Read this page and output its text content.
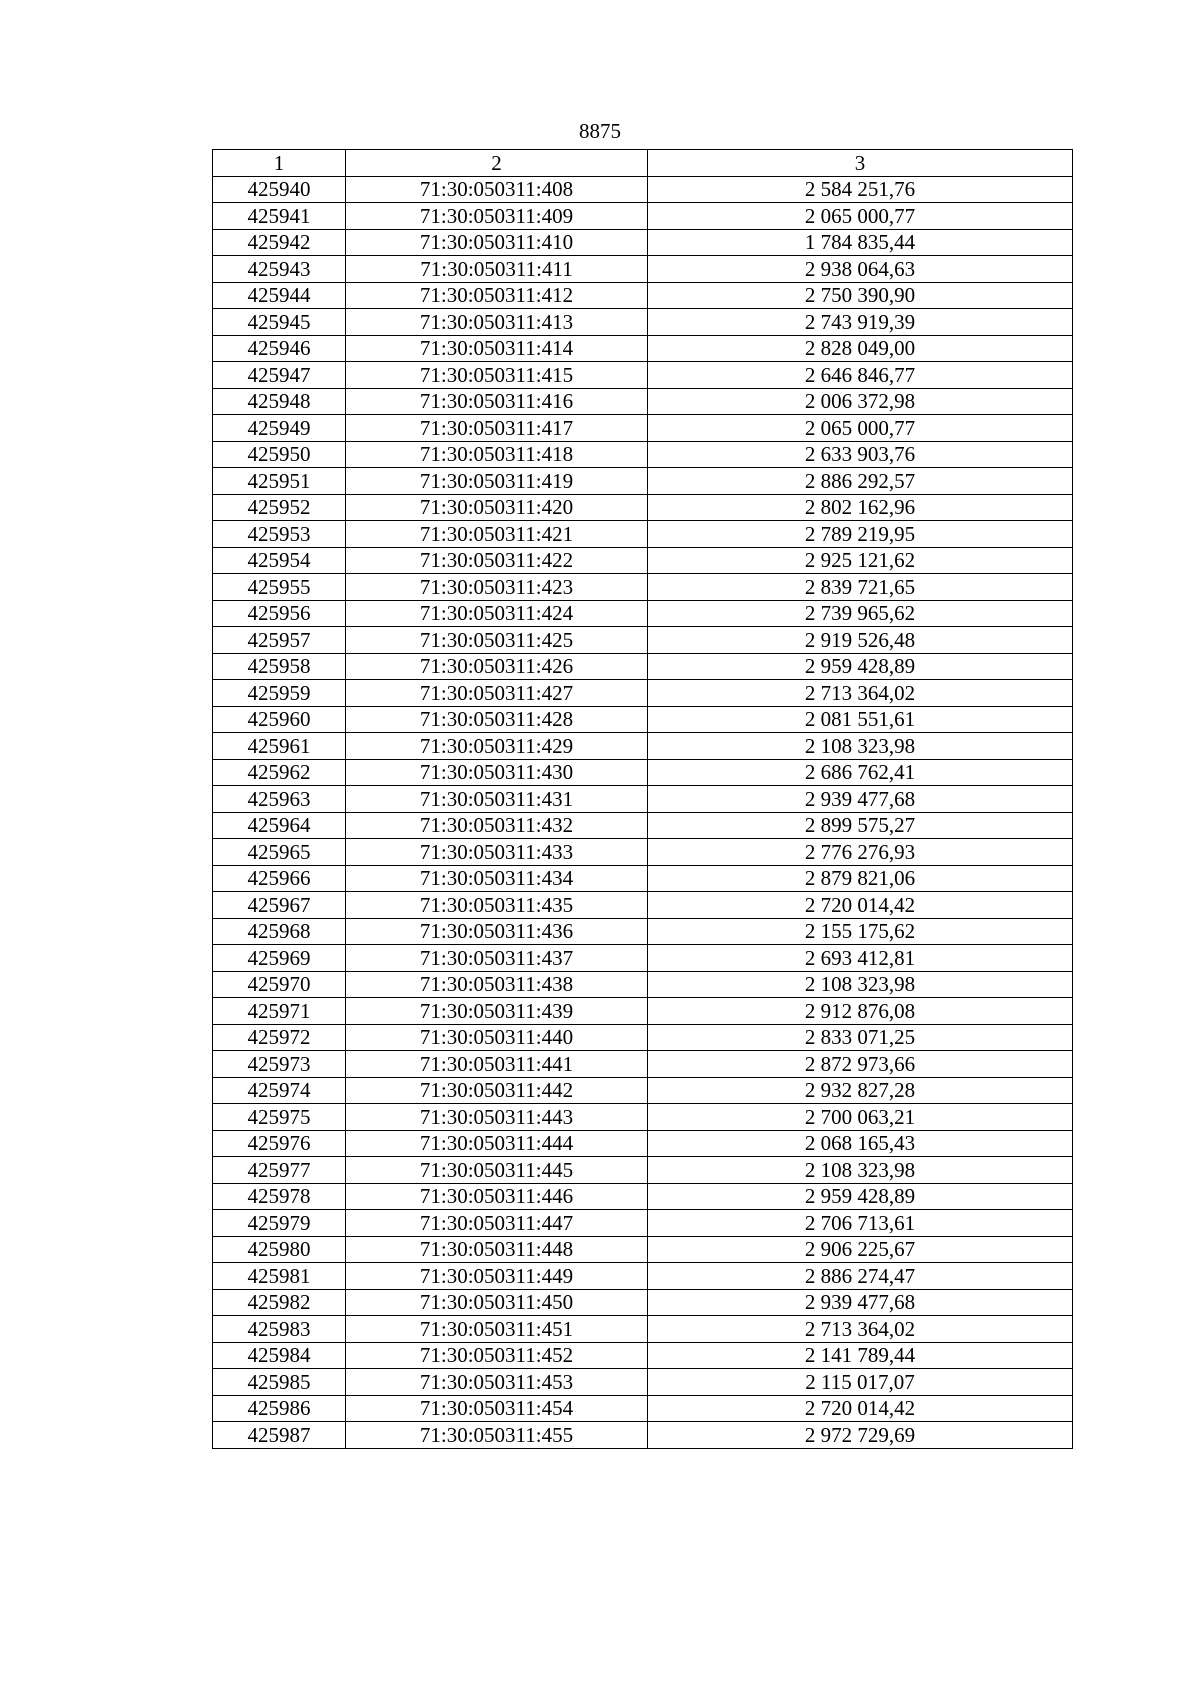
8875
1	2	3
425940	71:30:050311:408	2 584 251,76
425941	71:30:050311:409	2 065 000,77
425942	71:30:050311:410	1 784 835,44
425943	71:30:050311:411	2 938 064,63
425944	71:30:050311:412	2 750 390,90
425945	71:30:050311:413	2 743 919,39
425946	71:30:050311:414	2 828 049,00
425947	71:30:050311:415	2 646 846,77
425948	71:30:050311:416	2 006 372,98
425949	71:30:050311:417	2 065 000,77
425950	71:30:050311:418	2 633 903,76
425951	71:30:050311:419	2 886 292,57
425952	71:30:050311:420	2 802 162,96
425953	71:30:050311:421	2 789 219,95
425954	71:30:050311:422	2 925 121,62
425955	71:30:050311:423	2 839 721,65
425956	71:30:050311:424	2 739 965,62
425957	71:30:050311:425	2 919 526,48
425958	71:30:050311:426	2 959 428,89
425959	71:30:050311:427	2 713 364,02
425960	71:30:050311:428	2 081 551,61
425961	71:30:050311:429	2 108 323,98
425962	71:30:050311:430	2 686 762,41
425963	71:30:050311:431	2 939 477,68
425964	71:30:050311:432	2 899 575,27
425965	71:30:050311:433	2 776 276,93
425966	71:30:050311:434	2 879 821,06
425967	71:30:050311:435	2 720 014,42
425968	71:30:050311:436	2 155 175,62
425969	71:30:050311:437	2 693 412,81
425970	71:30:050311:438	2 108 323,98
425971	71:30:050311:439	2 912 876,08
425972	71:30:050311:440	2 833 071,25
425973	71:30:050311:441	2 872 973,66
425974	71:30:050311:442	2 932 827,28
425975	71:30:050311:443	2 700 063,21
425976	71:30:050311:444	2 068 165,43
425977	71:30:050311:445	2 108 323,98
425978	71:30:050311:446	2 959 428,89
425979	71:30:050311:447	2 706 713,61
425980	71:30:050311:448	2 906 225,67
425981	71:30:050311:449	2 886 274,47
425982	71:30:050311:450	2 939 477,68
425983	71:30:050311:451	2 713 364,02
425984	71:30:050311:452	2 141 789,44
425985	71:30:050311:453	2 115 017,07
425986	71:30:050311:454	2 720 014,42
425987	71:30:050311:455	2 972 729,69
